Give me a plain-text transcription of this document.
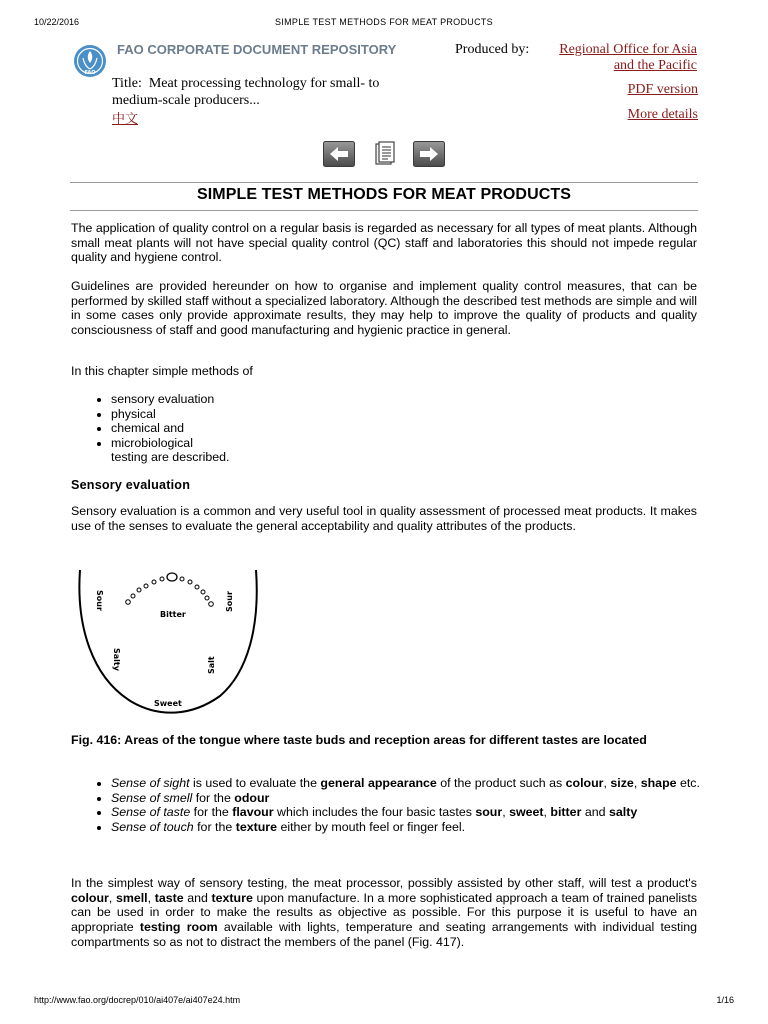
10/22/2016	SIMPLE TEST METHODS FOR MEAT PRODUCTS
FAO
FAO CORPORATE DOCUMENT REPOSITORY	Produced by:	Regional Office for Asia
and the Pacific
Title: Meat processing technology for small- to
medium-scale producers...
中文
PDF version
More details
SIMPLE TEST METHODS FOR MEAT PRODUCTS

The application of quality control on a regular basis is regarded as necessary for all types of meat plants. Although small meat plants will not have special quality control (QC) staff and laboratories this should not impede regular quality and hygiene control.

Guidelines are provided hereunder on how to organise and implement quality control measures, that can be performed by skilled staff without a specialized laboratory. Although the described test methods are simple and will in some cases only provide approximate results, they may help to improve the quality of products and quality consciousness of staff and good manufacturing and hygienic practice in general.

In this chapter simple methods of

• sensory evaluation
• physical
• chemical and
• microbiological
testing are described.
Sensory evaluation

Sensory evaluation is a common and very useful tool in quality assessment of processed meat products. It makes use of the senses to evaluate the general acceptability and quality attributes of the products.

Sour	Sour
Bitter
Salty	Salt
Sweet
Fig. 416: Areas of the tongue where taste buds and reception areas for different tastes are located
• Sense of sight is used to evaluate the general appearance of the product such as colour, size, shape etc.
• Sense of smell for the odour
• Sense of taste for the flavour which includes the four basic tastes sour, sweet, bitter and salty
• Sense of touch for the texture either by mouth feel or finger feel.

In the simplest way of sensory testing, the meat processor, possibly assisted by other staff, will test a product's colour, smell, taste and texture upon manufacture. In a more sophisticated approach a team of trained panelists can be used in order to make the results as objective as possible. For this purpose it is useful to have an appropriate testing room available with lights, temperature and seating arrangements with individual testing compartments so as not to distract the members of the panel (Fig. 417).

http://www.fao.org/docrep/010/ai407e/ai407e24.htm	1/16
